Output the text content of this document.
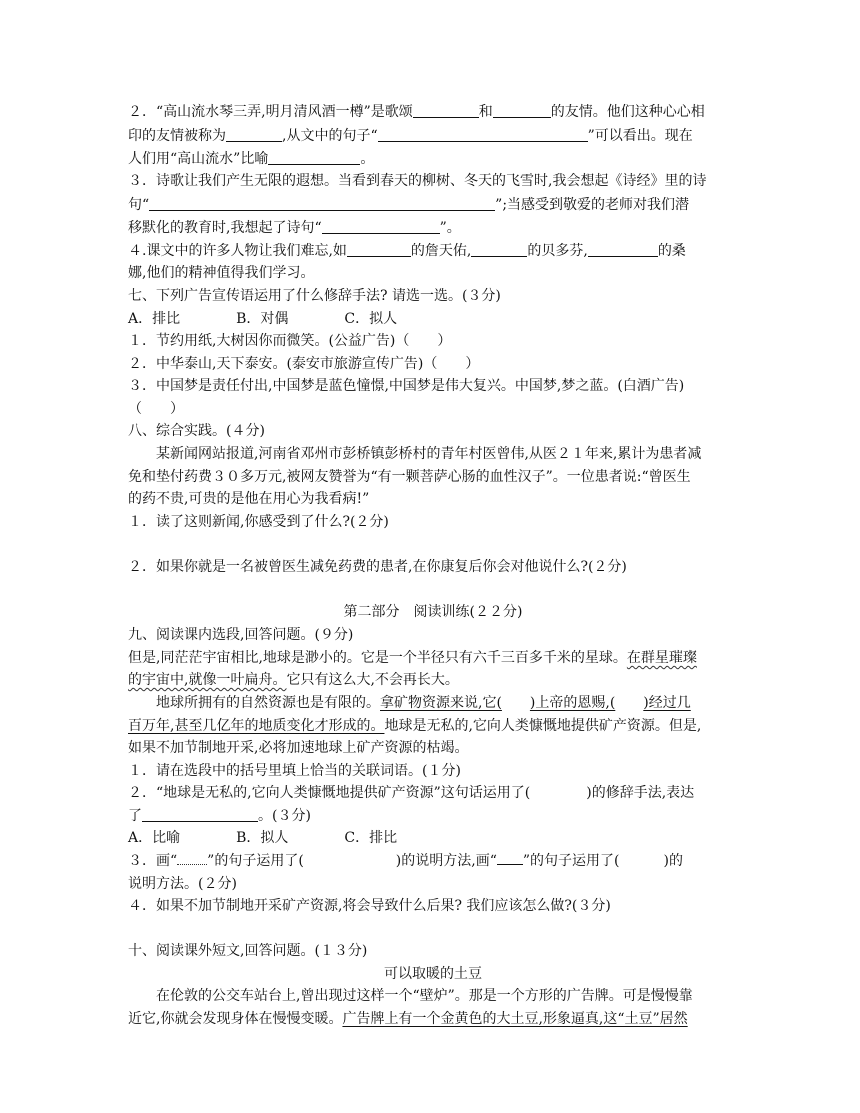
２．“高山流水琴三弄,明月清风酒一樽”是歌颂	和	的友情。他们这种心心相
印的友情被称为	,从文中的句子“	”可以看出。现在
人们用“高山流水”比喻	。
３．诗歌让我们产生无限的遐想。当看到春天的柳树、冬天的飞雪时,我会想起《诗经》里的诗
句“	”;当感受到敬爱的老师对我们潜
移默化的教育时,我想起了诗句“	”。
４.课文中的许多人物让我们难忘,如	的詹天佑,	的贝多芬,	的桑
娜,他们的精神值得我们学习。
七、下列广告宣传语运用了什么修辞手法? 请选一选。(３分)
A．排比　　　　B．对偶　　　　C．拟人
１．节约用纸,大树因你而微笑。(公益广告)（　　）
２．中华泰山,天下泰安。(泰安市旅游宣传广告)（　　）
３．中国梦是责任付出,中国梦是蓝色憧憬,中国梦是伟大复兴。中国梦,梦之蓝。(白酒广告)
（　　）
八、综合实践。(４分)
某新闻网站报道,河南省邓州市彭桥镇彭桥村的青年村医曾伟,从医２１年来,累计为患者减
免和垫付药费３０多万元,被网友赞誉为“有一颗菩萨心肠的血性汉子”。一位患者说:“曾医生
的药不贵,可贵的是他在用心为我看病!”
１．读了这则新闻,你感受到了什么?(２分)
２．如果你就是一名被曾医生减免药费的患者,在你康复后你会对他说什么?(２分)
第二部分　阅读训练(２２分)
九、阅读课内选段,回答问题。(９分)
但是,同茫茫宇宙相比,地球是渺小的。它是一个半径只有六千三百多千米的星球。在群星璀璨
的宇宙中,就像一叶扁舟。它只有这么大,不会再长大。
地球所拥有的自然资源也是有限的。拿矿物资源来说,它( )上帝的恩赐,( )经过几
百万年,甚至几亿年的地质变化才形成的。地球是无私的,它向人类慷慨地提供矿产资源。但是,
如果不加节制地开采,必将加速地球上矿产资源的枯竭。
１．请在选段中的括号里填上恰当的关联词语。(１分)
２．“地球是无私的,它向人类慷慨地提供矿产资源”这句话运用了(	)的修辞手法,表达
了	。(３分)
A．比喻　　　　B．拟人　　　　C．排比
３．画“ ”的句子运用了(	)的说明方法,画“ ”的句子运用了(	)的
说明方法。(２分)
４．如果不加节制地开采矿产资源,将会导致什么后果? 我们应该怎么做?(３分)
十、阅读课外短文,回答问题。(１３分)
可以取暖的土豆
在伦敦的公交车站台上,曾出现过这样一个“壁炉”。那是一个方形的广告牌。可是慢慢靠
近它,你就会发现身体在慢慢变暖。广告牌上有一个金黄色的大土豆,形象逼真,这“土豆”居然
